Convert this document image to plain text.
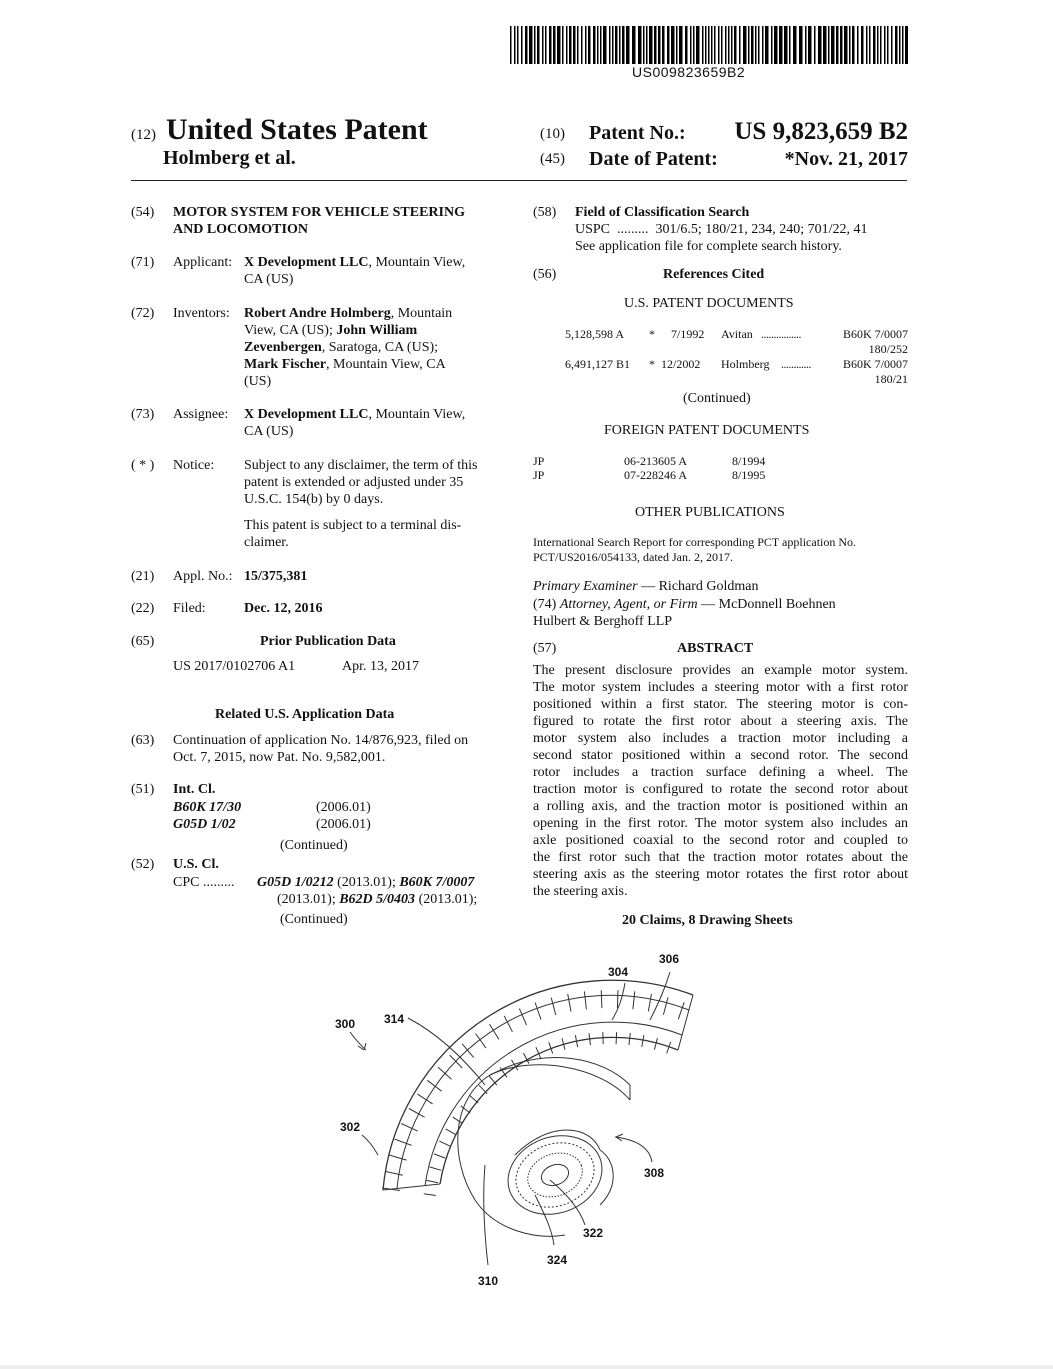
US009823659B2
(12) United States Patent
Holmberg et al.
(10) Patent No.: US 9,823,659 B2
(45) Date of Patent:	*Nov. 21, 2017
(54) MOTOR SYSTEM FOR VEHICLE STEERING
AND LOCOMOTION
(71) Applicant: X Development LLC, Mountain View,
CA (US)
(72) Inventors: Robert Andre Holmberg, Mountain
View, CA (US); John William
Zevenbergen, Saratoga, CA (US);
Mark Fischer, Mountain View, CA
(US)
(73) Assignee: X Development LLC, Mountain View,
CA (US)
( * ) Notice: Subject to any disclaimer, the term of this
patent is extended or adjusted under 35
U.S.C. 154(b) by 0 days.
This patent is subject to a terminal dis-
claimer.
(21) Appl. No.: 15/375,381
(22) Filed:	Dec. 12, 2016
(65)	Prior Publication Data
US 2017/0102706 A1	Apr. 13, 2017
Related U.S. Application Data
(63) Continuation of application No. 14/876,923, filed on
Oct. 7, 2015, now Pat. No. 9,582,001.
(51) Int. Cl.
B60K 17/30	(2006.01)
G05D 1/02	(2006.01)
(Continued)
(52) U.S. Cl.
CPC ......... G05D 1/0212 (2013.01); B60K 7/0007
(2013.01); B62D 5/0403 (2013.01);
(Continued)
(58) Field of Classification Search
USPC  .........  301/6.5; 180/21, 234, 240; 701/22, 41
See application file for complete search history.
(56)	References Cited
U.S. PATENT DOCUMENTS
5,128,598 A * 7/1992 Avitan ................	B60K 7/0007
180/252
6,491,127 B1 * 12/2002 Holmberg ............	B60K 7/0007
180/21
(Continued)
FOREIGN PATENT DOCUMENTS
JP	06-213605 A	8/1994
JP	07-228246 A	8/1995
OTHER PUBLICATIONS
International Search Report for corresponding PCT application No.
PCT/US2016/054133, dated Jan. 2, 2017.
Primary Examiner — Richard Goldman
(74) Attorney, Agent, or Firm — McDonnell Boehnen
Hulbert & Berghoff LLP
(57)	ABSTRACT
The present disclosure provides an example motor system.
The motor system includes a steering motor with a first rotor
positioned within a first stator. The steering motor is con-
figured to rotate the first rotor about a steering axis. The
motor system also includes a traction motor including a
second stator positioned within a second rotor. The second
rotor includes a traction surface defining a wheel. The
traction motor is configured to rotate the second rotor about
a rolling axis, and the traction motor is positioned within an
opening in the first rotor. The motor system also includes an
axle positioned coaxial to the second rotor and coupled to
the first rotor such that the traction motor rotates about the
steering axis as the steering motor rotates the first rotor about
the steering axis.
20 Claims, 8 Drawing Sheets
300 314
302
304
306
308
322
324
310
